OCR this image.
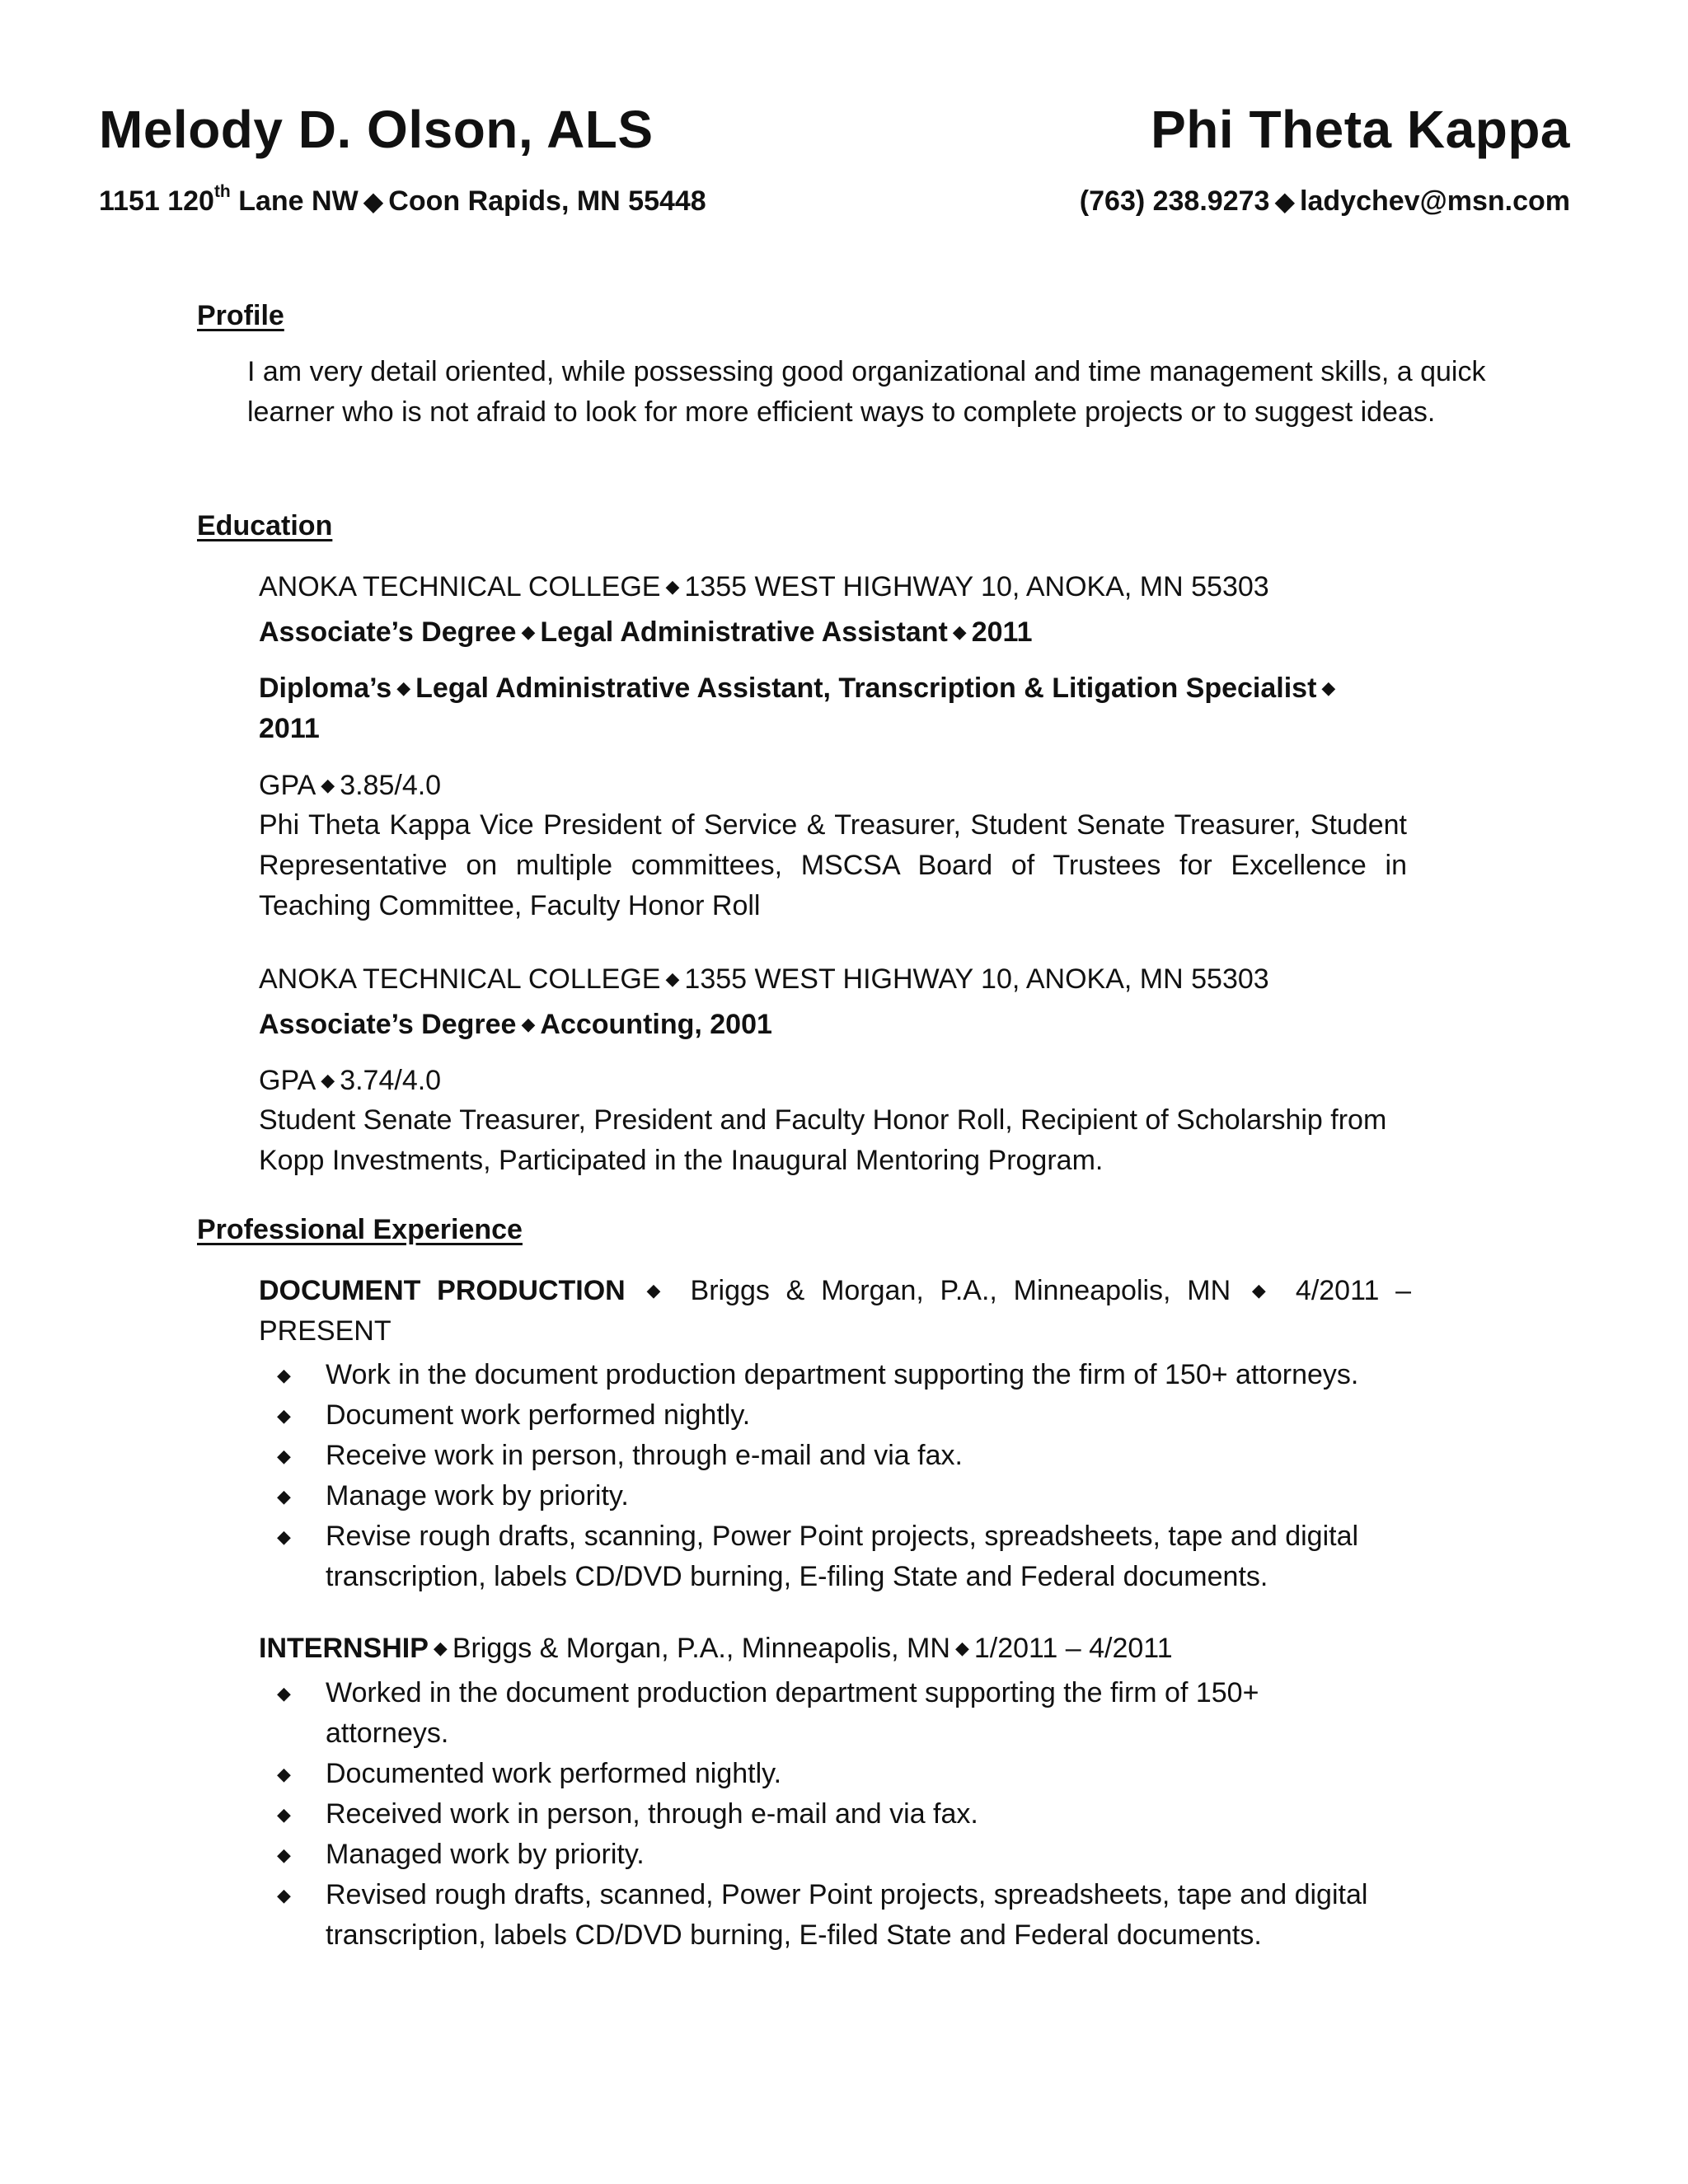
Melody D. Olson, ALS	Phi Theta Kappa
1151 120th Lane NW ◆ Coon Rapids, MN 55448	(763) 238.9273 ◆ ladychev@msn.com
Profile
I am very detail oriented, while possessing good organizational and time management skills, a quick learner who is not afraid to look for more efficient ways to complete projects or to suggest ideas.
Education
ANOKA TECHNICAL COLLEGE ◆ 1355 WEST HIGHWAY 10, ANOKA, MN 55303
Associate’s Degree ◆ Legal Administrative Assistant ◆ 2011
Diploma’s ◆ Legal Administrative Assistant, Transcription & Litigation Specialist ◆
2011
GPA ◆ 3.85/4.0
Phi Theta Kappa Vice President of Service & Treasurer, Student Senate Treasurer, Student Representative on multiple committees, MSCSA Board of Trustees for Excellence in Teaching Committee, Faculty Honor Roll
ANOKA TECHNICAL COLLEGE ◆ 1355 WEST HIGHWAY 10, ANOKA, MN 55303
Associate’s Degree ◆ Accounting, 2001
GPA ◆ 3.74/4.0
Student Senate Treasurer, President and Faculty Honor Roll, Recipient of Scholarship from Kopp Investments, Participated in the Inaugural Mentoring Program.
Professional Experience
DOCUMENT PRODUCTION ◆ Briggs & Morgan, P.A., Minneapolis, MN ◆ 4/2011 – PRESENT
◆ Work in the document production department supporting the firm of 150+ attorneys.
◆ Document work performed nightly.
◆ Receive work in person, through e-mail and via fax.
◆ Manage work by priority.
◆ Revise rough drafts, scanning, Power Point projects, spreadsheets, tape and digital transcription, labels CD/DVD burning, E-filing State and Federal documents.
INTERNSHIP ◆ Briggs & Morgan, P.A., Minneapolis, MN ◆ 1/2011 – 4/2011
◆ Worked in the document production department supporting the firm of 150+ attorneys.
◆ Documented work performed nightly.
◆ Received work in person, through e-mail and via fax.
◆ Managed work by priority.
◆ Revised rough drafts, scanned, Power Point projects, spreadsheets, tape and digital transcription, labels CD/DVD burning, E-filed State and Federal documents.
